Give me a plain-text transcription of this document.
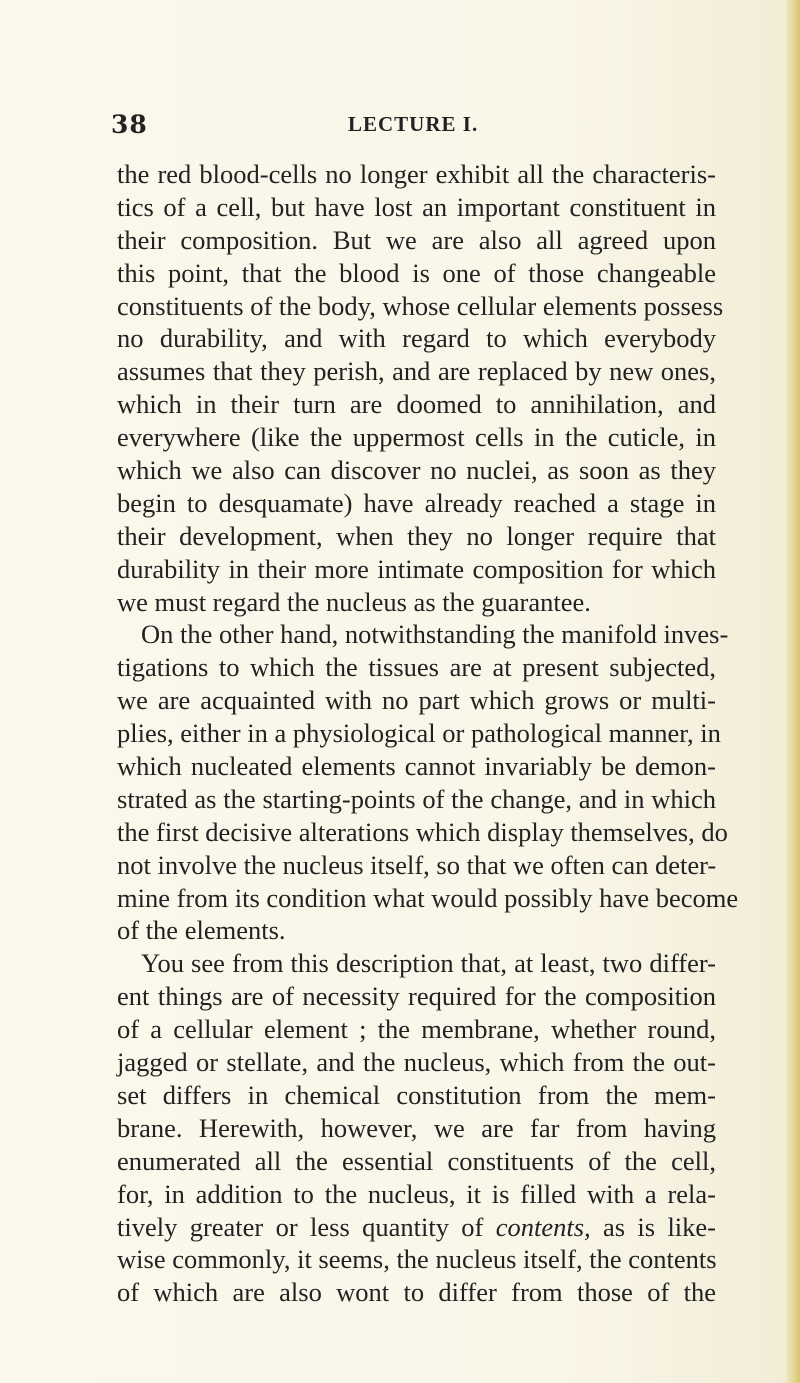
38	LECTURE I.
the red blood-cells no longer exhibit all the characteris-
tics of a cell, but have lost an important constituent in
their composition. But we are also all agreed upon
this point, that the blood is one of those changeable
constituents of the body, whose cellular elements possess
no durability, and with regard to which everybody
assumes that they perish, and are replaced by new ones,
which in their turn are doomed to annihilation, and
everywhere (like the uppermost cells in the cuticle, in
which we also can discover no nuclei, as soon as they
begin to desquamate) have already reached a stage in
their development, when they no longer require that
durability in their more intimate composition for which
we must regard the nucleus as the guarantee.
On the other hand, notwithstanding the manifold inves-
tigations to which the tissues are at present subjected,
we are acquainted with no part which grows or multi-
plies, either in a physiological or pathological manner, in
which nucleated elements cannot invariably be demon-
strated as the starting-points of the change, and in which
the first decisive alterations which display themselves, do
not involve the nucleus itself, so that we often can deter-
mine from its condition what would possibly have become
of the elements.
You see from this description that, at least, two differ-
ent things are of necessity required for the composition
of a cellular element ; the membrane, whether round,
jagged or stellate, and the nucleus, which from the out-
set differs in chemical constitution from the mem-
brane. Herewith, however, we are far from having
enumerated all the essential constituents of the cell,
for, in addition to the nucleus, it is filled with a rela-
tively greater or less quantity of contents, as is like-
wise commonly, it seems, the nucleus itself, the contents
of which are also wont to differ from those of the
